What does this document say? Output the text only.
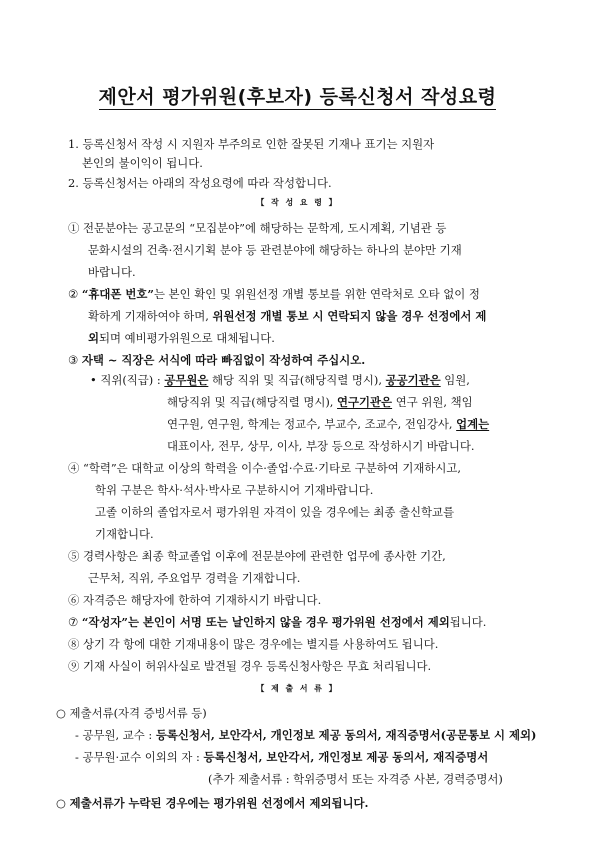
제안서 평가위원(후보자) 등록신청서 작성요령
1. 등록신청서 작성 시 지원자 부주의로 인한 잘못된 기재나 표기는 지원자
본인의 불이익이 됩니다.
2. 등록신청서는 아래의 작성요령에 따라 작성합니다.
【 작 성 요 령 】
① 전문분야는 공고문의 “모집분야”에 해당하는 문학계, 도시계획, 기념관 등
문화시설의 건축·전시기획 분야 등 관련분야에 해당하는 하나의 분야만 기재
바랍니다.
② “휴대폰 번호”는 본인 확인 및 위원선정 개별 통보를 위한 연락처로 오타 없이 정
확하게 기재하여야 하며, 위원선정 개별 통보 시 연락되지 않을 경우 선정에서 제
외되며 예비평가위원으로 대체됩니다.
③ 자택 ~ 직장은 서식에 따라 빠짐없이 작성하여 주십시오.
• 직위(직급) : 공무원은 해당 직위 및 직급(해당직렬 명시), 공공기관은 임원,
해당직위 및 직급(해당직렬 명시), 연구기관은 연구 위원, 책임
연구원, 연구원, 학계는 정교수, 부교수, 조교수, 전임강사, 업계는
대표이사, 전무, 상무, 이사, 부장 등으로 작성하시기 바랍니다.
④ “학력”은 대학교 이상의 학력을 이수·졸업·수료·기타로 구분하여 기재하시고,
학위 구분은 학사·석사·박사로 구분하시어 기재바랍니다.
고졸 이하의 졸업자로서 평가위원 자격이 있을 경우에는 최종 출신학교를
기재합니다.
⑤ 경력사항은 최종 학교졸업 이후에 전문분야에 관련한 업무에 종사한 기간,
근무처, 직위, 주요업무 경력을 기재합니다.
⑥ 자격증은 해당자에 한하여 기재하시기 바랍니다.
⑦ “작성자”는 본인이 서명 또는 날인하지 않을 경우 평가위원 선정에서 제외됩니다.
⑧ 상기 각 항에 대한 기재내용이 많은 경우에는 별지를 사용하여도 됩니다.
⑨ 기재 사실이 허위사실로 발견될 경우 등록신청사항은 무효 처리됩니다.
【 제 출 서 류 】
○ 제출서류(자격 증빙서류 등)
- 공무원, 교수 : 등록신청서, 보안각서, 개인정보 제공 동의서, 재직증명서(공문통보 시 제외)
- 공무원·교수 이외의 자 : 등록신청서, 보안각서, 개인정보 제공 동의서, 재직증명서
(추가 제출서류 : 학위증명서 또는 자격증 사본, 경력증명서)
○ 제출서류가 누락된 경우에는 평가위원 선정에서 제외됩니다.
